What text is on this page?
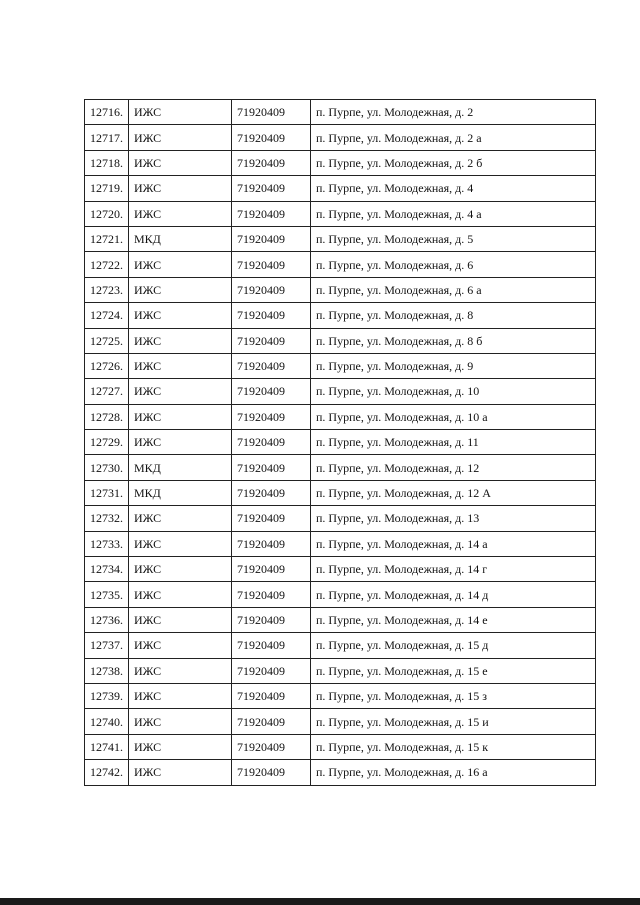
12716.	ИЖС	71920409	п. Пурпе, ул. Молодежная, д. 2
12717.	ИЖС	71920409	п. Пурпе, ул. Молодежная, д. 2 а
12718.	ИЖС	71920409	п. Пурпе, ул. Молодежная, д. 2 б
12719.	ИЖС	71920409	п. Пурпе, ул. Молодежная, д. 4
12720.	ИЖС	71920409	п. Пурпе, ул. Молодежная, д. 4 а
12721.	МКД	71920409	п. Пурпе, ул. Молодежная, д. 5
12722.	ИЖС	71920409	п. Пурпе, ул. Молодежная, д. 6
12723.	ИЖС	71920409	п. Пурпе, ул. Молодежная, д. 6 а
12724.	ИЖС	71920409	п. Пурпе, ул. Молодежная, д. 8
12725.	ИЖС	71920409	п. Пурпе, ул. Молодежная, д. 8 б
12726.	ИЖС	71920409	п. Пурпе, ул. Молодежная, д. 9
12727.	ИЖС	71920409	п. Пурпе, ул. Молодежная, д. 10
12728.	ИЖС	71920409	п. Пурпе, ул. Молодежная, д. 10 а
12729.	ИЖС	71920409	п. Пурпе, ул. Молодежная, д. 11
12730.	МКД	71920409	п. Пурпе, ул. Молодежная, д. 12
12731.	МКД	71920409	п. Пурпе, ул. Молодежная, д. 12 А
12732.	ИЖС	71920409	п. Пурпе, ул. Молодежная, д. 13
12733.	ИЖС	71920409	п. Пурпе, ул. Молодежная, д. 14 а
12734.	ИЖС	71920409	п. Пурпе, ул. Молодежная, д. 14 г
12735.	ИЖС	71920409	п. Пурпе, ул. Молодежная, д. 14 д
12736.	ИЖС	71920409	п. Пурпе, ул. Молодежная, д. 14 е
12737.	ИЖС	71920409	п. Пурпе, ул. Молодежная, д. 15 д
12738.	ИЖС	71920409	п. Пурпе, ул. Молодежная, д. 15 е
12739.	ИЖС	71920409	п. Пурпе, ул. Молодежная, д. 15 з
12740.	ИЖС	71920409	п. Пурпе, ул. Молодежная, д. 15 и
12741.	ИЖС	71920409	п. Пурпе, ул. Молодежная, д. 15 к
12742.	ИЖС	71920409	п. Пурпе, ул. Молодежная, д. 16 а
